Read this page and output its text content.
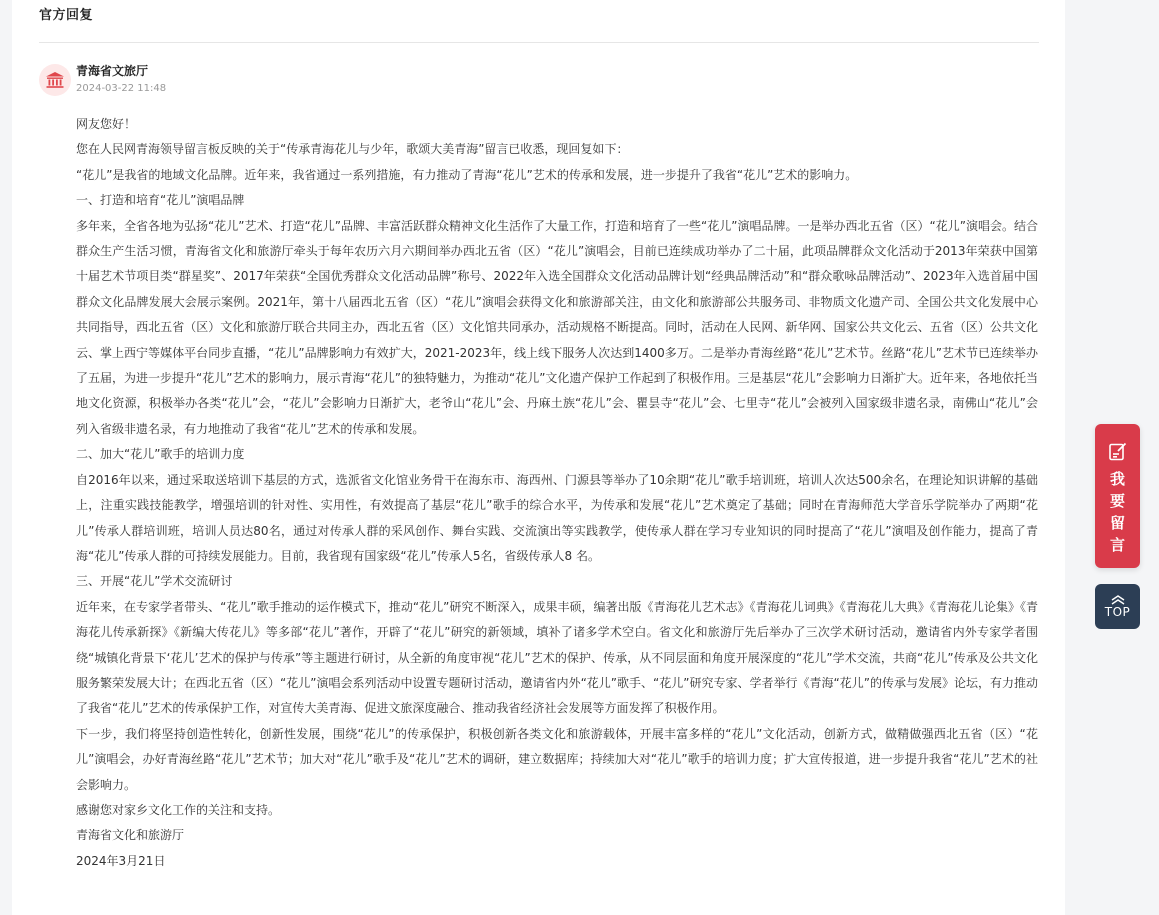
官方回复
青海省文旅厅
2024-03-22 11:48

网友您好！

您在人民网青海领导留言板反映的关于“传承青海花儿与少年，歌颂大美青海”留言已收悉，现回复如下：

“花儿”是我省的地域文化品牌。近年来，我省通过一系列措施，有力推动了青海“花儿”艺术的传承和发展，进一步提升了我省“花儿”艺术的影响力。

一、打造和培育“花儿”演唱品牌

多年来，全省各地为弘扬“花儿”艺术、打造“花儿”品牌、丰富活跃群众精神文化生活作了大量工作，打造和培育了一些“花儿”演唱品牌。一是举办西北五省（区）“花儿”演唱会。结合群众生产生活习惯，青海省文化和旅游厅牵头于每年农历六月六期间举办西北五省（区）“花儿”演唱会，目前已连续成功举办了二十届，此项品牌群众文化活动于2013年荣获中国第十届艺术节项目类“群星奖”、2017年荣获“全国优秀群众文化活动品牌”称号、2022年入选全国群众文化活动品牌计划“经典品牌活动”和“群众歌咏品牌活动”、2023年入选首届中国群众文化品牌发展大会展示案例。2021年，第十八届西北五省（区）“花儿”演唱会获得文化和旅游部关注，由文化和旅游部公共服务司、非物质文化遗产司、全国公共文化发展中心共同指导，西北五省（区）文化和旅游厅联合共同主办，西北五省（区）文化馆共同承办，活动规格不断提高。同时，活动在人民网、新华网、国家公共文化云、五省（区）公共文化云、掌上西宁等媒体平台同步直播，“花儿”品牌影响力有效扩大，2021-2023年，线上线下服务人次达到1400多万。二是举办青海丝路“花儿”艺术节。丝路“花儿”艺术节已连续举办了五届，为进一步提升“花儿”艺术的影响力，展示青海“花儿”的独特魅力，为推动“花儿”文化遗产保护工作起到了积极作用。三是基层“花儿”会影响力日渐扩大。近年来，各地依托当地文化资源，积极举办各类“花儿”会，“花儿”会影响力日渐扩大，老爷山“花儿”会、丹麻土族“花儿”会、瞿昙寺“花儿”会、七里寺“花儿”会被列入国家级非遗名录，南佛山“花儿”会列入省级非遗名录，有力地推动了我省“花儿”艺术的传承和发展。

二、加大“花儿”歌手的培训力度

自2016年以来，通过采取送培训下基层的方式，选派省文化馆业务骨干在海东市、海西州、门源县等举办了10余期“花儿”歌手培训班，培训人次达500余名，在理论知识讲解的基础上，注重实践技能教学，增强培训的针对性、实用性，有效提高了基层“花儿”歌手的综合水平，为传承和发展“花儿”艺术奠定了基础；同时在青海师范大学音乐学院举办了两期“花儿”传承人群培训班，培训人员达80名，通过对传承人群的采风创作、舞台实践、交流演出等实践教学，使传承人群在学习专业知识的同时提高了“花儿”演唱及创作能力，提高了青海“花儿”传承人群的可持续发展能力。目前，我省现有国家级“花儿”传承人5名，省级传承人8 名。

三、开展“花儿”学术交流研讨

近年来，在专家学者带头、“花儿”歌手推动的运作模式下，推动“花儿”研究不断深入，成果丰硕，编著出版《青海花儿艺术志》《青海花儿词典》《青海花儿大典》《青海花儿论集》《青海花儿传承新探》《新编大传花儿》等多部“花儿”著作，开辟了“花儿”研究的新领域，填补了诸多学术空白。省文化和旅游厅先后举办了三次学术研讨活动，邀请省内外专家学者围绕“城镇化背景下‘花儿’艺术的保护与传承”等主题进行研讨，从全新的角度审视“花儿”艺术的保护、传承，从不同层面和角度开展深度的“花儿”学术交流，共商“花儿”传承及公共文化服务繁荣发展大计；在西北五省（区）“花儿”演唱会系列活动中设置专题研讨活动，邀请省内外“花儿”歌手、“花儿”研究专家、学者举行《青海“花儿”的传承与发展》论坛，有力推动了我省“花儿”艺术的传承保护工作，对宣传大美青海、促进文旅深度融合、推动我省经济社会发展等方面发挥了积极作用。

下一步，我们将坚持创造性转化，创新性发展，围绕“花儿”的传承保护，积极创新各类文化和旅游载体，开展丰富多样的“花儿”文化活动，创新方式，做精做强西北五省（区）“花儿”演唱会，办好青海丝路“花儿”艺术节；加大对“花儿”歌手及“花儿”艺术的调研，建立数据库；持续加大对“花儿”歌手的培训力度；扩大宣传报道，进一步提升我省“花儿”艺术的社会影响力。

感谢您对家乡文化工作的关注和支持。

青海省文化和旅游厅

2024年3月21日

我要留言
TOP
